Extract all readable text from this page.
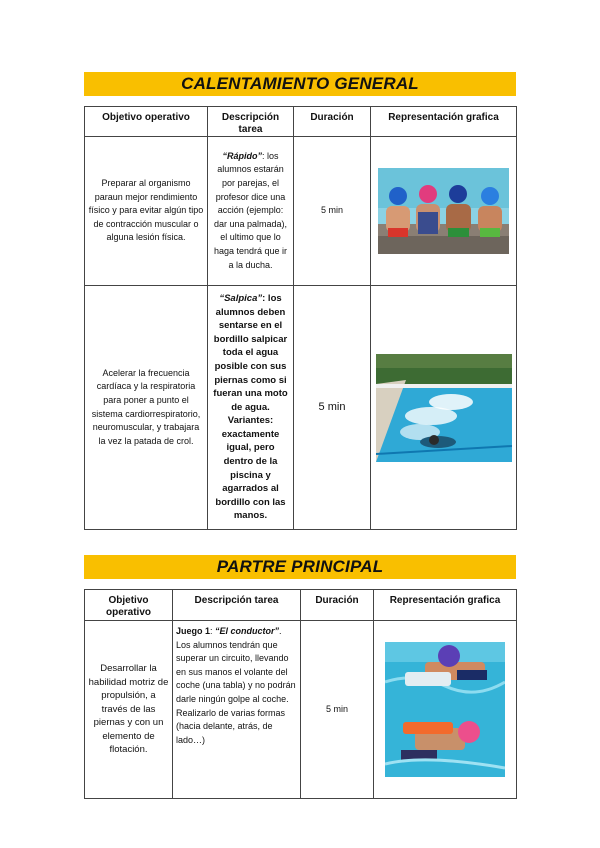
CALENTAMIENTO GENERAL
Objetivo operativo	Descripción tarea	Duración	Representación grafica
Preparar al organismo paraun mejor rendimiento físico y para evitar algún tipo de contracción muscular o alguna lesión física.	“Rápido”: los alumnos estarán por parejas, el profesor dice una acción (ejemplo: dar una palmada), el ultimo que lo haga tendrá que ir a la ducha.	5 min	

Acelerar la frecuencia cardíaca y la respiratoria para poner a punto el sistema cardiorrespiratorio, neuromuscular, y trabajara la vez la patada de crol.	“Salpica”: los alumnos deben sentarse en el bordillo salpicar toda el agua posible con sus piernas como si fueran una moto de agua. Variantes: exactamente igual, pero dentro de la piscina y agarrados al bordillo con las manos.	5 min	
PARTRE PRINCIPAL
Objetivo operativo	Descripción tarea	Duración	Representación grafica
Desarrollar la habilidad motriz de propulsión, a través de las piernas y con un elemento de flotación.	Juego 1: “El conductor”. Los alumnos tendrán que superar un circuito, llevando en sus manos el volante del coche (una tabla) y no podrán darle ningún golpe al coche. Realizarlo de varias formas (hacia delante, atrás, de lado…)	5 min	
